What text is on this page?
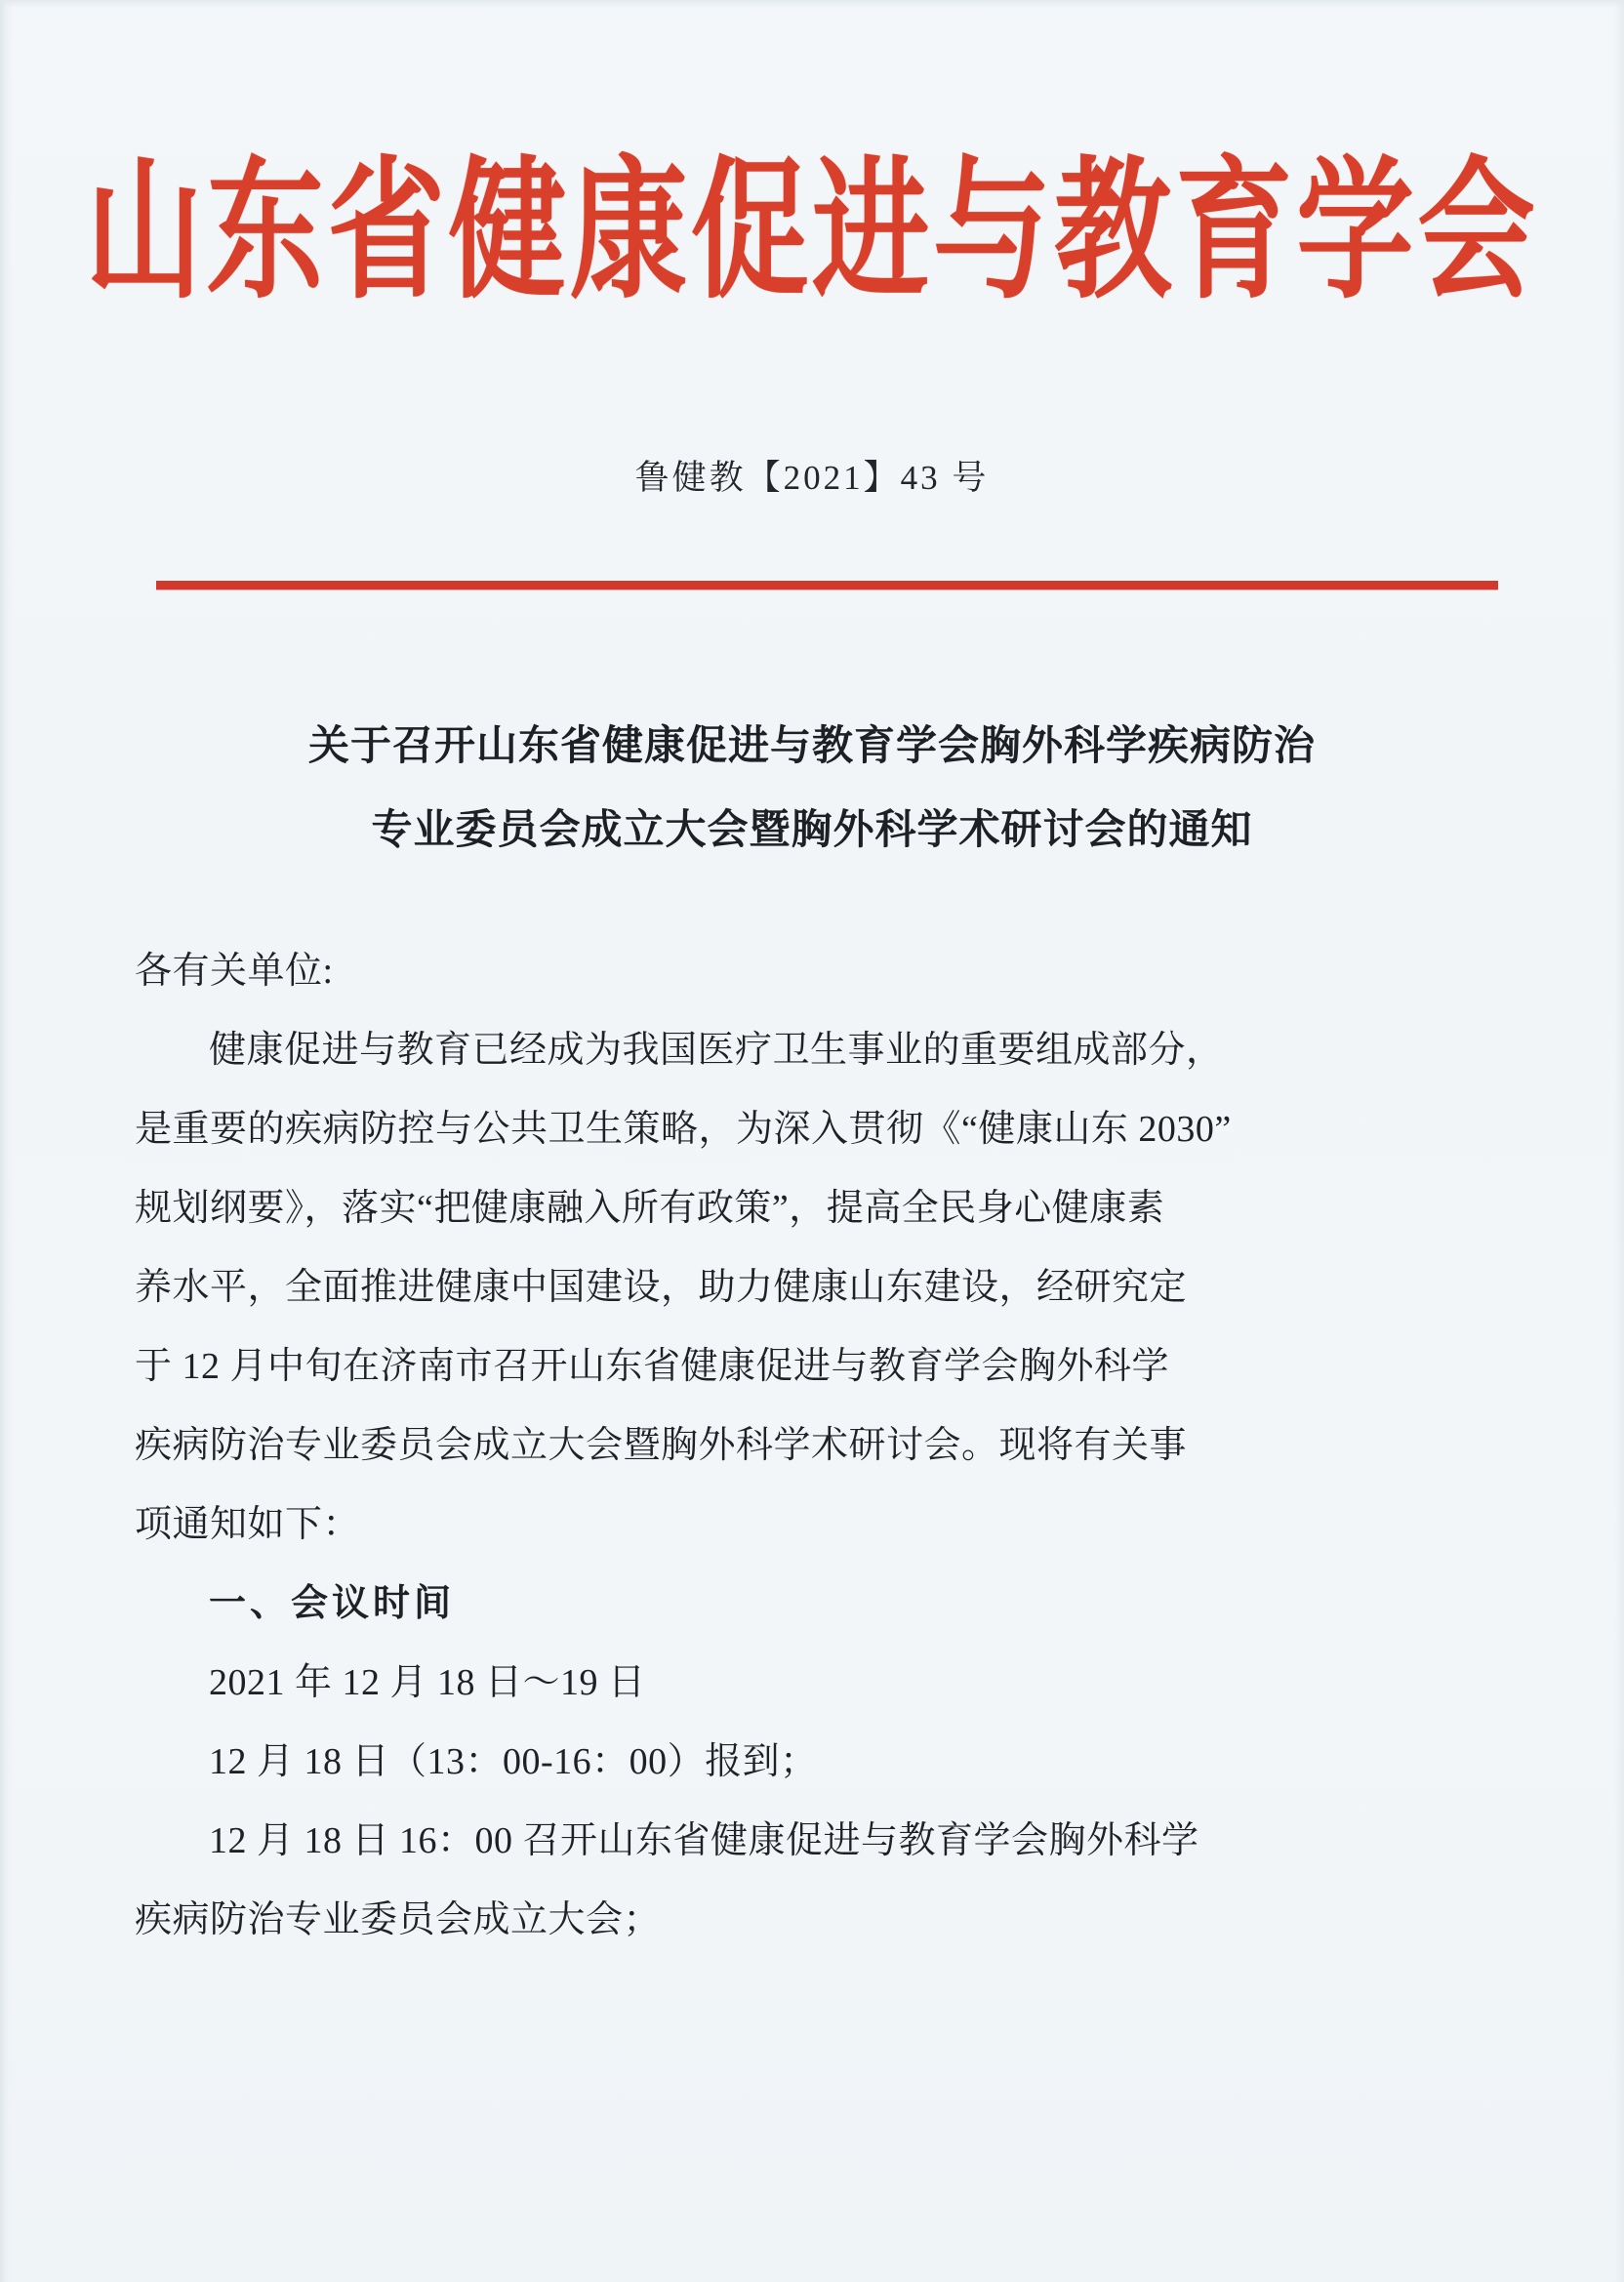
山东省健康促进与教育学会
鲁健教【2021】43 号
关于召开山东省健康促进与教育学会胸外科学疾病防治
专业委员会成立大会暨胸外科学术研讨会的通知
各有关单位:
健康促进与教育已经成为我国医疗卫生事业的重要组成部分，
是重要的疾病防控与公共卫生策略，为深入贯彻《“健康山东 2030”
规划纲要》，落实“把健康融入所有政策”，提高全民身心健康素
养水平，全面推进健康中国建设，助力健康山东建设，经研究定
于 12 月中旬在济南市召开山东省健康促进与教育学会胸外科学
疾病防治专业委员会成立大会暨胸外科学术研讨会。现将有关事
项通知如下：
一、会议时间
2021 年 12 月 18 日～19 日
12 月 18 日（13：00-16：00）报到；
12 月 18 日 16：00 召开山东省健康促进与教育学会胸外科学
疾病防治专业委员会成立大会；
